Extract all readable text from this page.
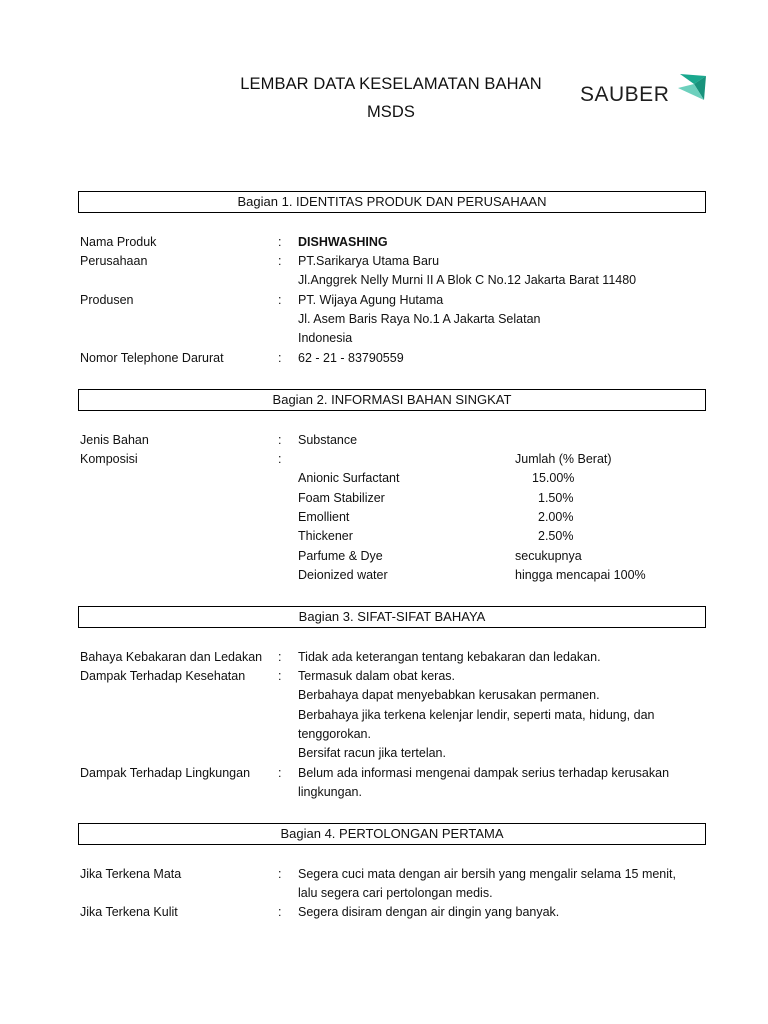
LEMBAR DATA KESELAMATAN BAHAN
MSDS
SAUBER
Bagian 1. IDENTITAS PRODUK DAN PERUSAHAAN
Nama Produk	: DISHWASHING
Perusahaan	: PT.Sarikarya Utama Baru
Jl.Anggrek Nelly Murni II A Blok C No.12 Jakarta Barat 11480
Produsen	: PT. Wijaya Agung Hutama
Jl. Asem Baris Raya No.1 A Jakarta Selatan
Indonesia
Nomor Telephone Darurat	: 62 - 21 - 83790559
Bagian 2. INFORMASI BAHAN SINGKAT
Jenis Bahan	: Substance
Komposisi	:	Jumlah (% Berat)
Anionic Surfactant	15.00%
Foam Stabilizer	1.50%
Emollient	2.00%
Thickener	2.50%
Parfume & Dye	secukupnya
Deionized water	hingga mencapai 100%
Bagian 3. SIFAT-SIFAT BAHAYA
Bahaya Kebakaran dan Ledakan : Tidak ada keterangan tentang kebakaran dan ledakan.
Dampak Terhadap Kesehatan	: Termasuk dalam obat keras.
Berbahaya dapat menyebabkan kerusakan permanen.
Berbahaya jika terkena kelenjar lendir, seperti mata, hidung, dan
tenggorokan.
Bersifat racun jika tertelan.
Dampak Terhadap Lingkungan : Belum ada informasi mengenai dampak serius terhadap kerusakan
lingkungan.
Bagian 4. PERTOLONGAN PERTAMA
Jika Terkena Mata	: Segera cuci mata dengan air bersih yang mengalir selama 15 menit,
lalu segera cari pertolongan medis.
Jika Terkena Kulit	: Segera disiram dengan air dingin yang banyak.
